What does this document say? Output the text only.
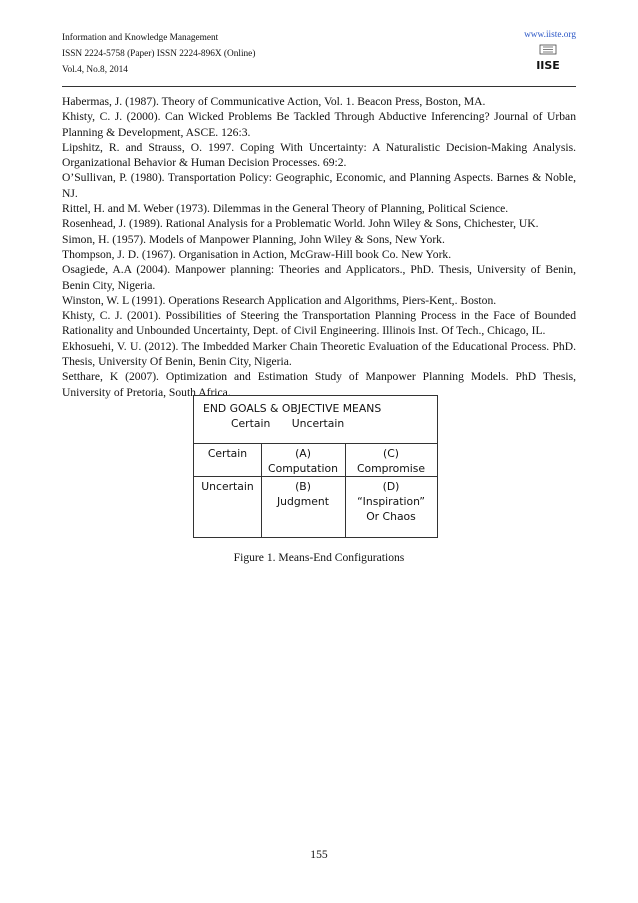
Information and Knowledge Management
ISSN 2224-5758 (Paper) ISSN 2224-896X (Online)
Vol.4, No.8, 2014
www.iiste.org
IISE

Habermas, J. (1987). Theory of Communicative Action, Vol. 1. Beacon Press, Boston, MA.

Khisty, C. J. (2000). Can Wicked Problems Be Tackled Through Abductive Inferencing? Journal of Urban Planning & Development, ASCE. 126:3.

Lipshitz, R. and Strauss, O. 1997. Coping With Uncertainty: A Naturalistic Decision-Making Analysis. Organizational Behavior & Human Decision Processes. 69:2.

O’Sullivan, P. (1980). Transportation Policy: Geographic, Economic, and Planning Aspects. Barnes & Noble, NJ.

Rittel, H. and M. Weber (1973). Dilemmas in the General Theory of Planning, Political Science.

Rosenhead, J. (1989). Rational Analysis for a Problematic World. John Wiley & Sons, Chichester, UK.

Simon, H. (1957). Models of Manpower Planning, John Wiley & Sons, New York.

Thompson, J. D. (1967). Organisation in Action, McGraw-Hill book Co. New York.

Osagiede, A.A (2004). Manpower planning: Theories and Applicators., PhD. Thesis, University of Benin, Benin City, Nigeria.

Winston, W. L (1991). Operations Research Application and Algorithms, Piers-Kent,. Boston.

Khisty, C. J. (2001). Possibilities of Steering the Transportation Planning Process in the Face of Bounded Rationality and Unbounded Uncertainty, Dept. of Civil Engineering. Illinois Inst. Of Tech., Chicago, IL.

Ekhosuehi, V. U. (2012). The Imbedded Marker Chain Theoretic Evaluation of the Educational Process. PhD. Thesis, University Of Benin, Benin City, Nigeria.

Setthare, K (2007). Optimization and Estimation Study of Manpower Planning Models. PhD Thesis, University of Pretoria, South Africa.

END GOALS & OBJECTIVE MEANS
Certain Uncertain
Certain	(A)
Computation
(C)
Compromise
Uncertain	(B)
Judgment
(D)
“Inspiration”
Or Chaos
Figure 1. Means-End Configurations
155
